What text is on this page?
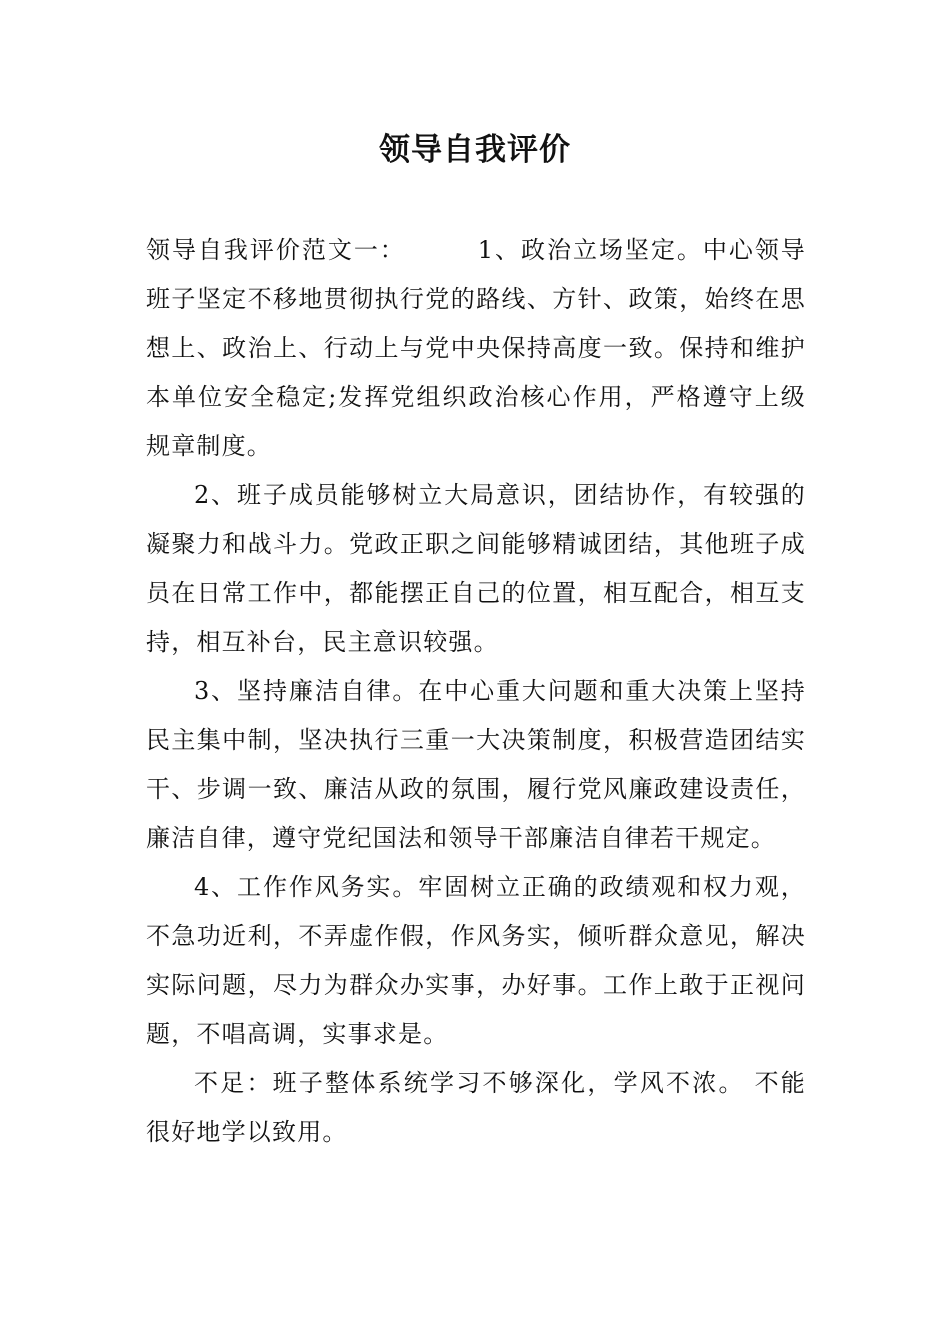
领导自我评价

领导自我评价范文一：	1、政治立场坚定。中心领导班子坚定不移地贯彻执行党的路线、方针、政策，始终在思想上、政治上、行动上与党中央保持高度一致。保持和维护本单位安全稳定;发挥党组织政治核心作用，严格遵守上级规章制度。

2、班子成员能够树立大局意识，团结协作，有较强的凝聚力和战斗力。党政正职之间能够精诚团结，其他班子成员在日常工作中，都能摆正自己的位置，相互配合，相互支持，相互补台，民主意识较强。

3、坚持廉洁自律。在中心重大问题和重大决策上坚持民主集中制，坚决执行三重一大决策制度，积极营造团结实干、步调一致、廉洁从政的氛围，履行党风廉政建设责任，廉洁自律，遵守党纪国法和领导干部廉洁自律若干规定。

4、工作作风务实。牢固树立正确的政绩观和权力观，不急功近利，不弄虚作假，作风务实，倾听群众意见，解决实际问题，尽力为群众办实事，办好事。工作上敢于正视问题，不唱高调，实事求是。

不足：班子整体系统学习不够深化，学风不浓。 不能很好地学以致用。
